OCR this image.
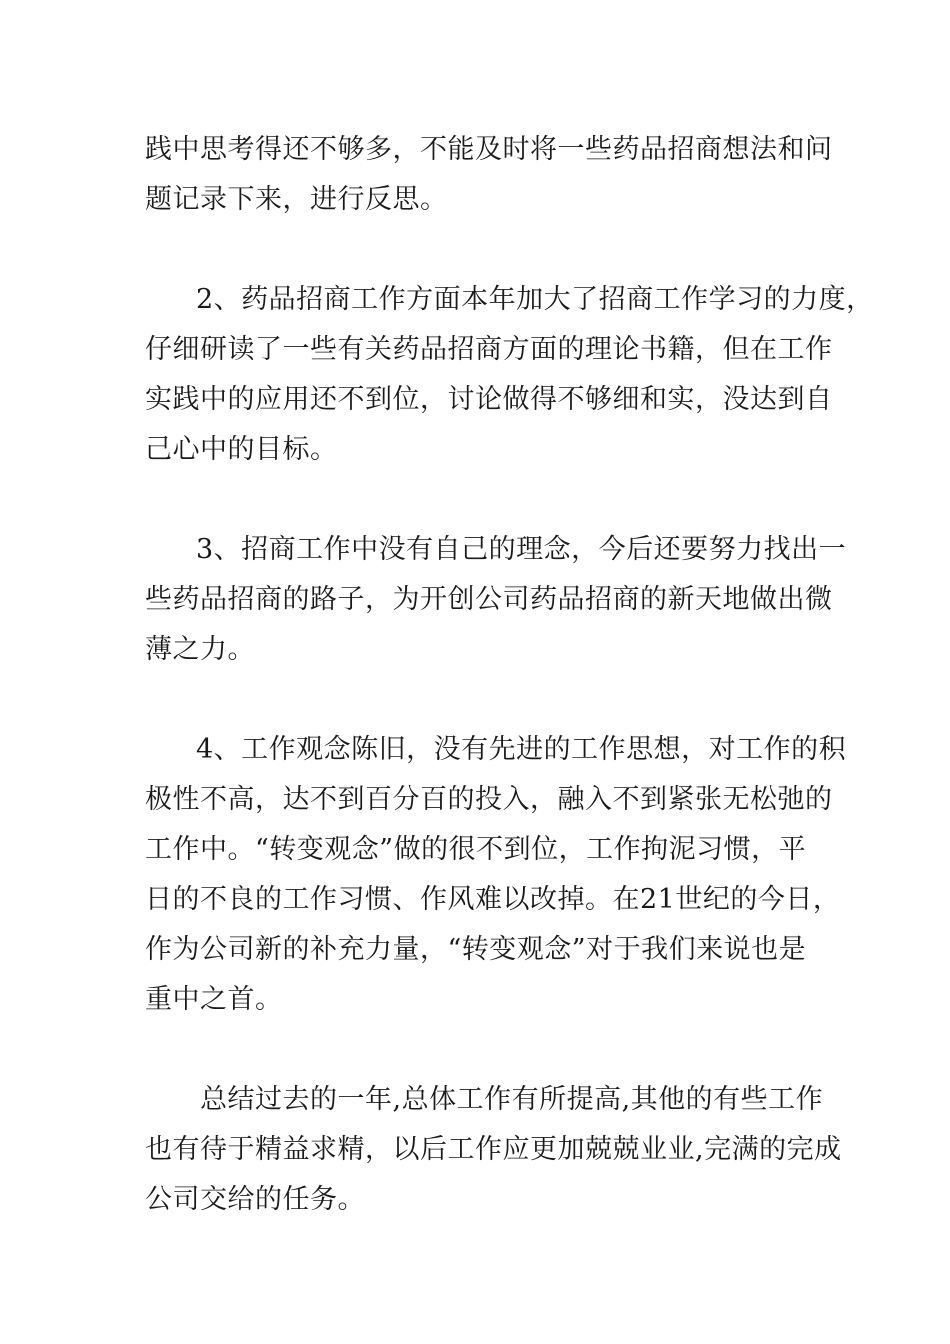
践中思考得还不够多，不能及时将一些药品招商想法和问
题记录下来，进行反思。
2、药品招商工作方面本年加大了招商工作学习的力度，
仔细研读了一些有关药品招商方面的理论书籍，但在工作
实践中的应用还不到位，讨论做得不够细和实，没达到自
己心中的目标。
3、招商工作中没有自己的理念，今后还要努力找出一
些药品招商的路子，为开创公司药品招商的新天地做出微
薄之力。
4、工作观念陈旧，没有先进的工作思想，对工作的积
极性不高，达不到百分百的投入，融入不到紧张无松弛的
工作中。“转变观念”做的很不到位，工作拘泥习惯，平
日的不良的工作习惯、作风难以改掉。在21世纪的今日，
作为公司新的补充力量，“转变观念”对于我们来说也是
重中之首。
总结过去的一年,总体工作有所提高,其他的有些工作
也有待于精益求精，以后工作应更加兢兢业业,完满的完成
公司交给的任务。
